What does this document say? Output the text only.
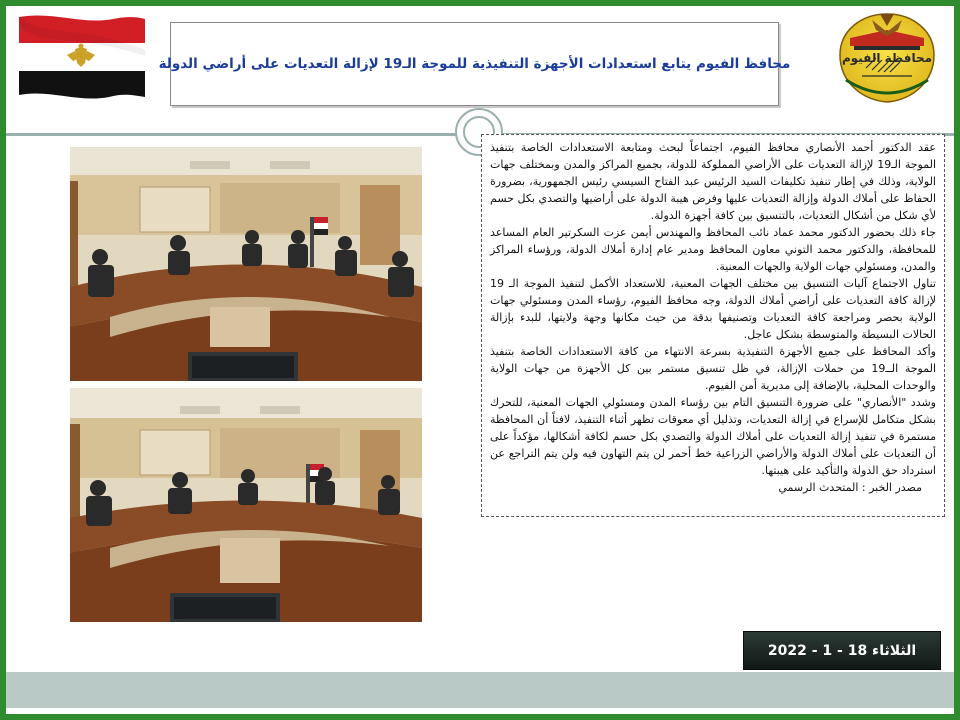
محافظة الفيوم
محافظ الفيوم يتابع استعدادات الأجهزة التنفيذية للموجة الـ19 لإزالة التعديات على أراضي الدولة

عقد الدكتور أحمد الأنصاري محافظ الفيوم، اجتماعاً لبحث ومتابعة الاستعدادات الخاصة بتنفيذ الموجة الـ19 لإزالة التعديات على الأراضي المملوكة للدولة، بجميع المراكز والمدن وبمختلف جهات الولاية، وذلك في إطار تنفيذ تكليفات السيد الرئيس عبد الفتاح السيسي رئيس الجمهورية، بضرورة الحفاظ على أملاك الدولة وإزالة التعديات عليها وفرض هيبة الدولة على أراضيها والتصدي بكل حسم لأي شكل من أشكال التعديات، بالتنسيق بين كافة أجهزة الدولة.

جاء ذلك بحضور الدكتور محمد عماد نائب المحافظ والمهندس أيمن عزت السكرتير العام المساعد للمحافظة، والدكتور محمد التوني معاون المحافظ ومدير عام إدارة أملاك الدولة، ورؤساء المراكز والمدن، ومسئولي جهات الولاية والجهات المعنية.

تناول الاجتماع آليات التنسيق بين مختلف الجهات المعنية، للاستعداد الأكمل لتنفيذ الموجة الـ 19 لإزالة كافة التعديات على أراضي أملاك الدولة، وجه محافظ الفيوم، رؤساء المدن ومسئولي جهات الولاية بحصر ومراجعة كافة التعديات وتصنيفها بدقة من حيث مكانها وجهة ولايتها، للبدء بإزالة الحالات البسيطة والمتوسطة بشكل عاجل.

وأكد المحافظ على جميع الأجهزة التنفيذية بسرعة الانتهاء من كافة الاستعدادات الخاصة بتنفيذ الموجة الــ19 من حملات الإزالة، في ظل تنسيق مستمر بين كل الأجهزة من جهات الولاية والوحدات المحلية، بالإضافة إلى مديرية أمن الفيوم.

وشدد "الأنصاري" على ضرورة التنسيق التام بين رؤساء المدن ومسئولي الجهات المعنية، للتحرك بشكل متكامل للإسراع في إزالة التعديات، وتذليل أي معوقات تظهر أثناء التنفيذ، لافتاً أن المحافظة مستمرة في تنفيذ إزالة التعديات على أملاك الدولة والتصدي بكل حسم لكافة أشكالها، مؤكداً على أن التعديات على أملاك الدولة والأراضي الزراعية خط أحمر لن يتم التهاون فيه ولن يتم التراجع عن استرداد حق الدولة والتأكيد على هيبتها.

مصدر الخبر : المتحدث الرسمي
الثلاثاء 18 - 1 - 2022
